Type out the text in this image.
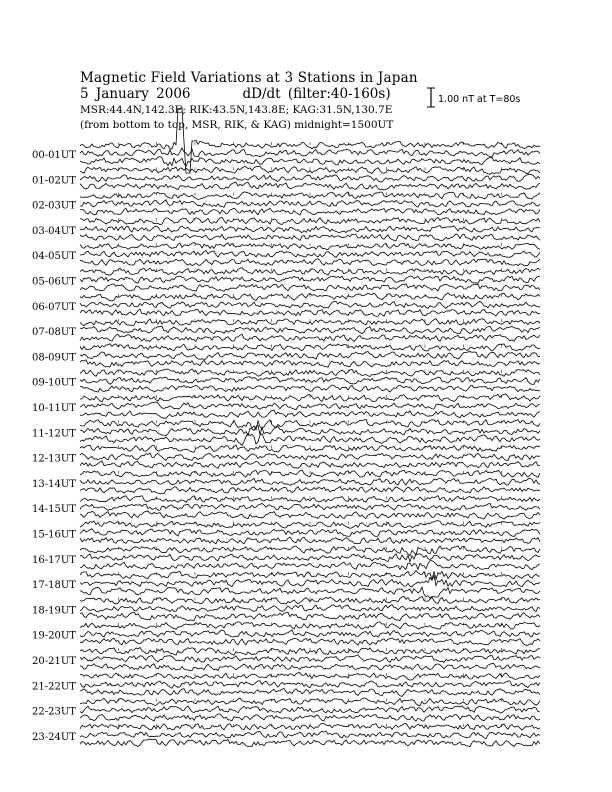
Magnetic Field Variations at 3 Stations in Japan
5 January 2006	dD/dt (filter:40-160s)
MSR:44.4N,142.3E; RIK:43.5N,143.8E; KAG:31.5N,130.7E
(from bottom to top, MSR, RIK, & KAG) midnight=1500UT
1.00 nT at T=80s
00-01UT
01-02UT
02-03UT
03-04UT
04-05UT
05-06UT
06-07UT
07-08UT
08-09UT
09-10UT
10-11UT
11-12UT
12-13UT
13-14UT
14-15UT
15-16UT
16-17UT
17-18UT
18-19UT
19-20UT
20-21UT
21-22UT
22-23UT
23-24UT
